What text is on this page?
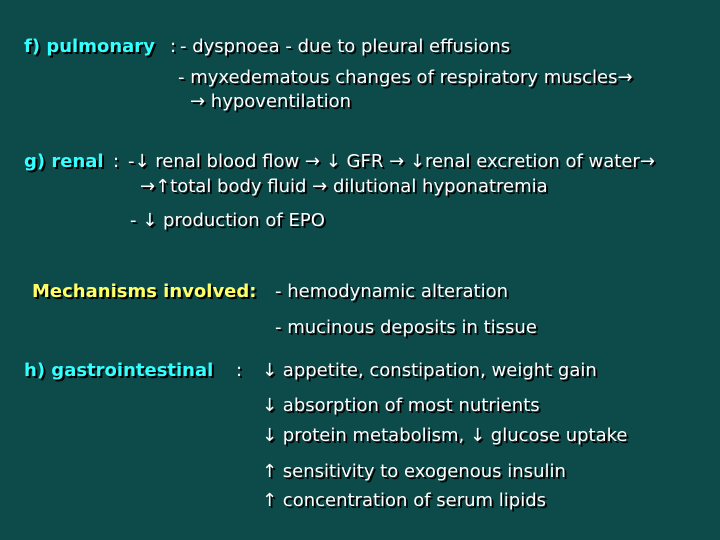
f) pulmonary : - dyspnoea - due to pleural effusions
- myxedematous changes of respiratory muscles→
→ hypoventilation
g) renal : -↓ renal blood flow → ↓ GFR → ↓renal excretion of water→
→↑total body fluid → dilutional hyponatremia
- ↓ production of EPO
Mechanisms involved: - hemodynamic alteration
- mucinous deposits in tissue
h) gastrointestinal : ↓ appetite, constipation, weight gain
↓ absorption of most nutrients
↓ protein metabolism, ↓ glucose uptake
↑ sensitivity to exogenous insulin
↑ concentration of serum lipids
